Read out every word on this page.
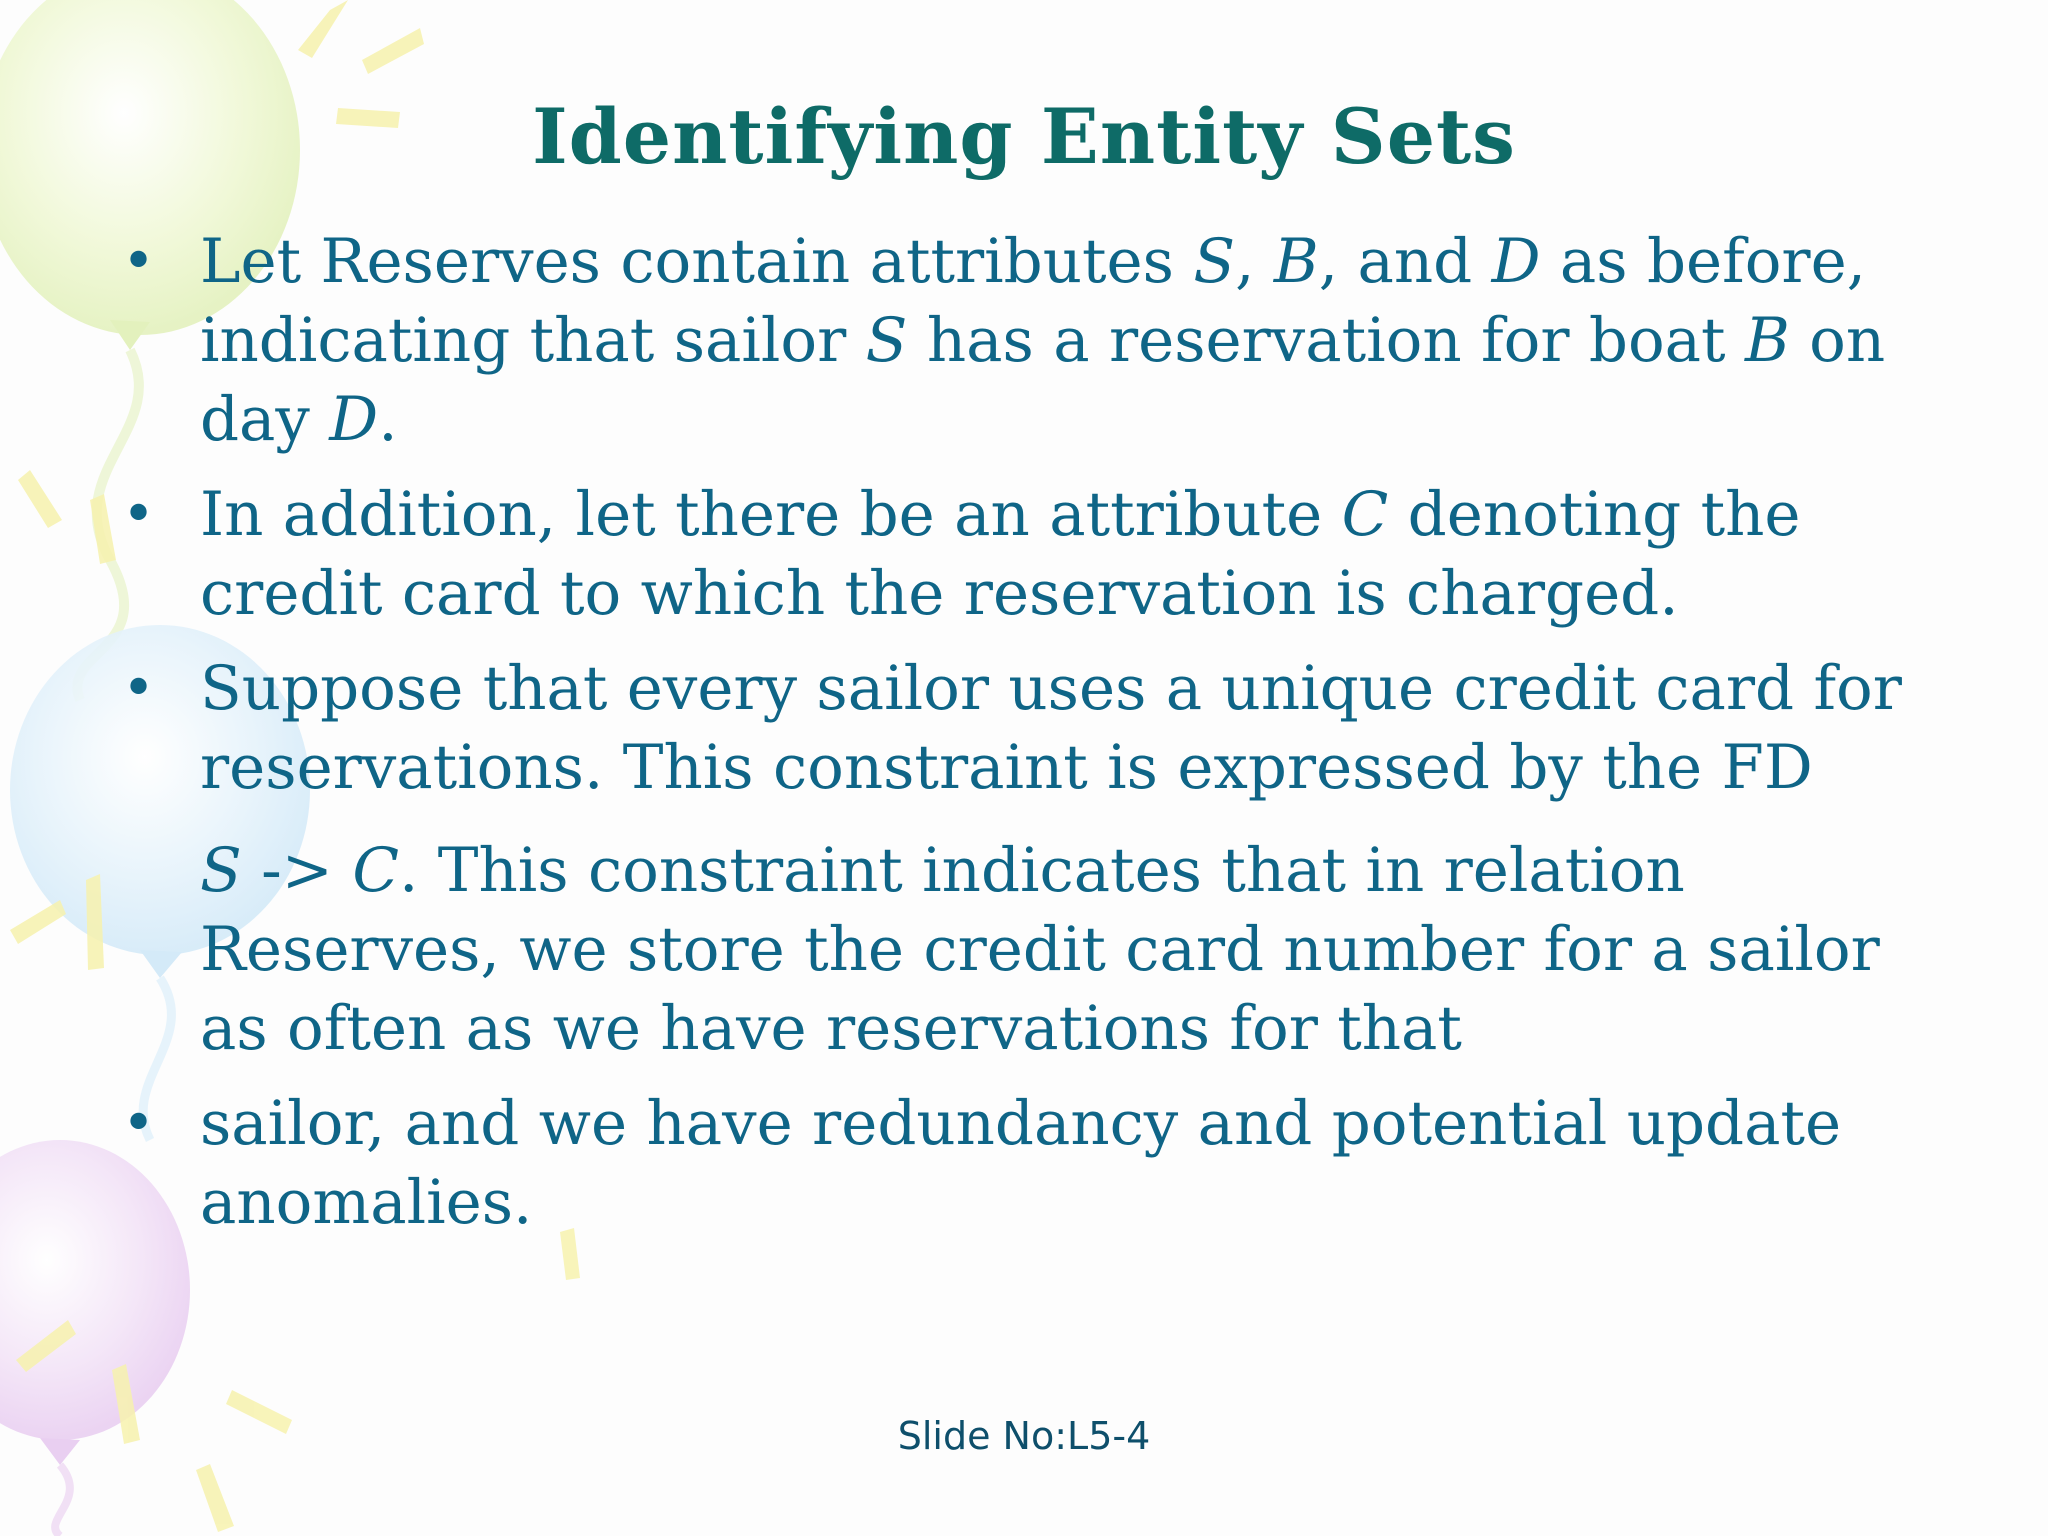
Identifying Entity Sets

• Let Reserves contain attributes S, B, and D as before, indicating that sailor S has a reservation for boat B on day D.

• In addition, let there be an attribute C denoting the credit card to which the reservation is charged.

• Suppose that every sailor uses a unique credit card for reservations. This constraint is expressed by the FD

S -> C. This constraint indicates that in relation Reserves, we store the credit card number for a sailor as often as we have reservations for that

• sailor, and we have redundancy and potential update anomalies.

Slide No:L5-4
